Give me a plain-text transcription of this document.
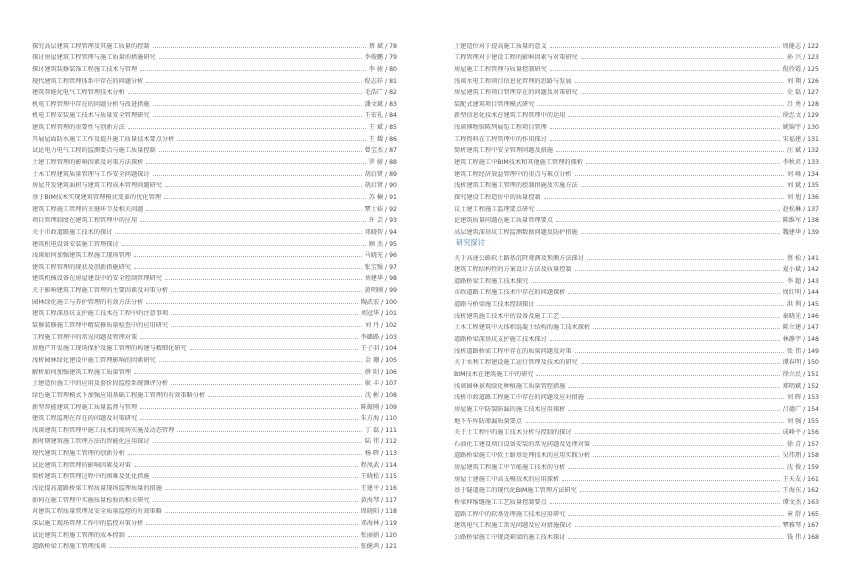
探究高层建筑工程管理及其施工质量的控制	蔡 斌 / 78
探讨房屋建筑工程管理与施工质量的措施研究	李俊鹏 / 79
探讨建筑装修装饰工程施工技术与管理	李 骏 / 80
现代建筑工程管理体系中存在的问题分析	倪志祥 / 81
建筑智能化电气工程管理技术分析	毛浩广 / 82
机电工程管理中存在的问题分析与改进措施	潘文斌 / 83
机电工程安装施工技术与质量安全管理研究	王宏礼 / 84
建筑工程管理的重要性与创新方法	王 斌 / 85
开展屋面防水施工工作及提升施工质量技术要点分析	王 耀 / 86
试论电力电气工程的监测要点与施工质量控制	曾宝杰 / 87
土建工程管理的影响因素及对策方法探析	罗 骏 / 88
土木工程建筑质量管理与工作安全问题探讨	胡启贤 / 89
房屋开发建筑面积与建筑工程成本管理问题研究	胡启贤 / 90
基于BIM技术实现建筑管理模式变革的优化管理	苏 楠 / 91
建筑工程施工管理的关键环节及相关问题	覃士裕 / 92
项目管理制度在建筑工程管理中的应用	许 芸 / 93
关于市政道路施工技术的探讨	邓晓智 / 94
建筑机电设备安装施工管理探讨	顾 杰 / 95
浅谈如何加强建筑工程施工现场管理	马晓光 / 96
建筑工程管理的现状及创新措施研究	张宝强 / 97
建筑机械设备在房屋建设中的安全控制管理研究	刘建华 / 98
关于影响建筑工程施工管理的主要因素及对策分析	黄明刚 / 99
园林绿化施工与养护管理的有效方法分析	陶武宏 / 100
建筑工程深基坑支护施工技术在工程中的注意事项	刘冠华 / 101
装修装修施工管理中精装修质量检查中的应用研究	刘 丹 / 102
工程施工管理中的常见问题及管理对策	李璐路 / 103
房地产开发施工现场保护及施工管理的构建与精细化研究	王子羽 / 104
浅析园林绿化建设中施工管理影响的因素研究	金 珊 / 105
解析如何加强建筑工程施工质量管理	薛 阳 / 106
土建造价施工中的应用及套价段监控系统测评分析	耿 丰 / 107
绿色施工管理模式下加强应用基础工程施工管理的有效策略分析	沈 彬 / 108
新型智能建筑工程施工质量监督与管理	陈振刚 / 109
建筑工程监理在存在的问题及对策研究	朱方海 / 110
浅谈建筑工程管理中施工技术的现场实施及动态管理	丁 磊 / 111
新时期建筑施工管理方法的智能化应用探讨	陆 伟 / 112
现代建筑工程施工管理的创新分析	杨 晖 / 113
试论建筑工程管理的影响因素及对策	程凤武 / 114
简析建筑工程管理过程中的困难及优化措施	王晓松 / 115
浅论提高道路桥梁工程质量现场监理质量的措施	王建平 / 116
如何在施工管理中实施质量检验的相关研究	黄海琴 / 117
对建筑工程质量管理及安全质量监控的有效策略	周晓阳 / 118
深层施工现场管理工作中的监控对策分析	邓海林 / 119
试论建筑工程施工管理的成本控制	张丽娟 / 120
道路桥梁工程施工管理浅谈	张健鸿 / 121
土建造价对于提高施工质量的意义	周健志 / 122
工程管理对于建设工程的影响因素与对策研究	孙 兴 / 123
房屋施工工程管理与质量控制研究	倪伶霞 / 125
浅谈水电工程项目信息化管理的思路与发展	刘 翔 / 126
房屋建筑工程项目管理存在的问题及对策研究	史 磊 / 127
装配式建筑项目管理模式研究	吕 勇 / 128
新型信息化技术在建筑工程管理中的运用	徐忠文 / 129
浅谈博物馆陈列展览工程项目管理	姚锦宇 / 130
工程资料在工程管理中的作用探讨	宋福建 / 131
简析建筑工程中安全管理问题及措施	汪 斌 / 132
建筑工程施工中BIM技术和其他施工管理的探析	李秋君 / 133
建筑工程经济效益管理中的重点与难点分析	刘 峰 / 134
浅析建筑工程施工管理的控制措施及实施方法	刘 斌 / 135
探究建设工程造价中的质量控制	刘 旭 / 136
议土建工程施工监理要点研究	赵松琳 / 137
论建筑质量问题在施工质量管理要点	陈维军 / 138
高层建筑深基坑工程监测数据问题及防护措施	魏建华 / 139
研究探讨
关于高速公路软土路基沉降观测及预测方法探讨	蔡 松 / 141
建筑工程结构性的方案设计方法及质量控制	夏小斌 / 142
道路桥梁工程施工技术探究	李 超 / 143
市政道路工程施工技术中存在的问题探析	周红明 / 144
道路与桥梁施工技术控制探讨	洪 利 / 145
浅析建筑施工技术中的设备及施工工艺	秦晓光 / 146
土木工程建筑中大体积混凝土结构的施工技术探析	陈立建 / 147
道路桥梁深基坑支护施工技术探讨	林静宇 / 148
浅析道路桥梁工程中存在的质量问题及对策	张 伟 / 149
关于水利工程建设施工运行管理及技术的研究	谭春明 / 150
BIM技术在建筑施工中的研究	徐立民 / 151
浅谈园林景观绿化种植施工质量管控措施	郑明斌 / 152
浅析市政道路工程施工中存在的问题及应对措施	刘 晖 / 153
房屋施工中防裂防漏的施工技术应用探析	吕德广 / 154
地下车库防渗漏质量要点	刘 强 / 155
关于土工程中的施工技术分析与控制的探讨	成峰平 / 156
石油化工建设项目设备安装的常见问题及处理对策	徐 青 / 157
道路桥梁施工中软土路基处理技术的应用实践分析	吴伟朋 / 158
房屋建筑工程施工中节能施工技术的分析	沈 俊 / 159
房屋土建施工中高支模技术的应用探析	王天友 / 161
基于隧道施工的现代化BIM施工管理方法研究	王海东 / 162
桥梁伸缩缝施工工艺质量控制要点	谭文杰 / 163
道路工程中的软基处理施工技术应用研究	章 舒 / 165
建筑电气工程施工常见问题及应对措施探讨	覃雅琴 / 167
公路桥梁施工中现浇箱梁的施工技术探讨	钱 伟 / 168
